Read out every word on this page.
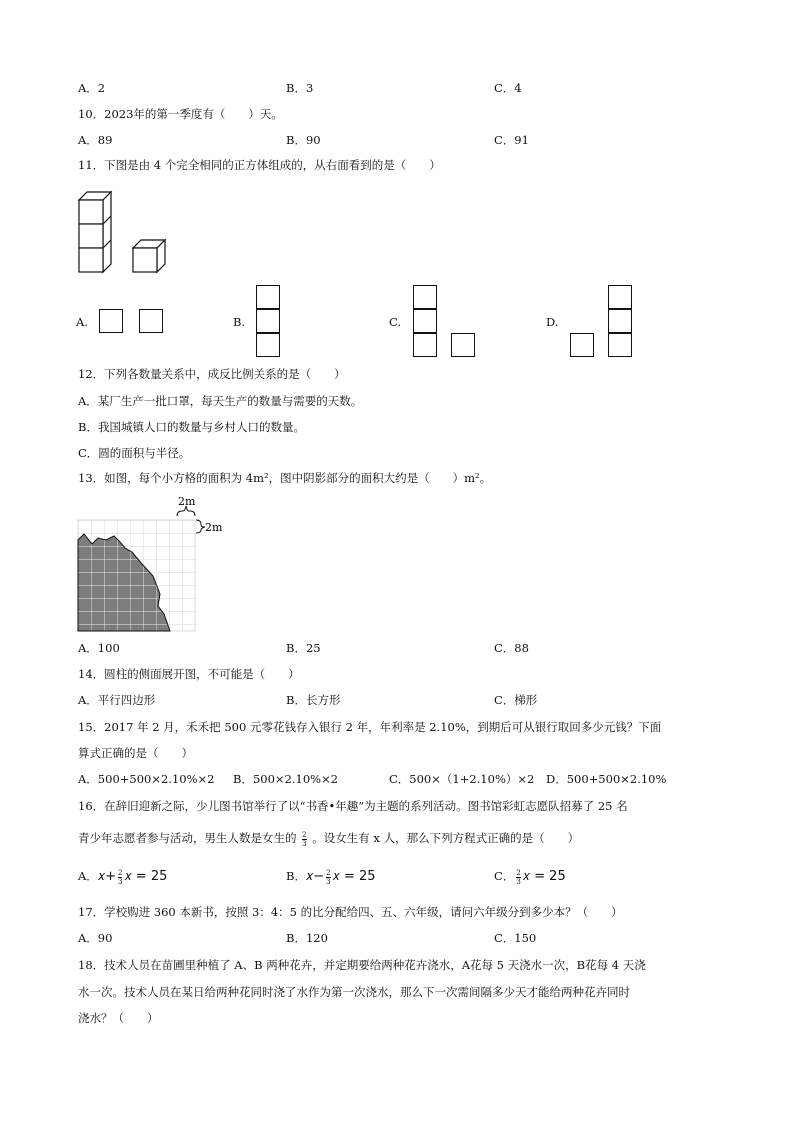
A．2	B．3	C．4
10．2023年的第一季度有（　　）天。
A．89	B．90	C．91
11．下图是由 4 个完全相同的正方体组成的，从右面看到的是（　　）
A.	B.	C.	D.
12．下列各数量关系中，成反比例关系的是（　　）
A．某厂生产一批口罩，每天生产的数量与需要的天数。
B．我国城镇人口的数量与乡村人口的数量。
C．圆的面积与半径。
13．如图，每个小方格的面积为 4m²，图中阴影部分的面积大约是（　　）m²。
2m
2m
A．100	B．25	C．88
14．圆柱的侧面展开图，不可能是（　　）
A．平行四边形	B．长方形	C．梯形
15．2017 年 2 月，禾禾把 500 元零花钱存入银行 2 年，年利率是 2.10%，到期后可从银行取回多少元钱？下面
算式正确的是（　　）
A．500+500×2.10%×2 B．500×2.10%×2	C．500×（1+2.10%）×2 D．500+500×2.10%
16．在辞旧迎新之际，少儿图书馆举行了以“书香•年趣”为主题的系列活动。图书馆彩虹志愿队招募了 25 名
青少年志愿者参与活动，男生人数是女生的 $\frac{2}{3}$ 。设女生有 x 人，那么下列方程式正确的是（　　）
A．𝑥+ $\frac{2}{3}$ 𝑥 = 25	B．𝑥− $\frac{2}{3}$ 𝑥 = 25	C． $\frac{2}{3}$ 𝑥 = 25
17．学校购进 360 本新书，按照 3：4：5 的比分配给四、五、六年级，请问六年级分到多少本？（　　）
A．90	B．120	C．150
18．技术人员在苗圃里种植了 A、B 两种花卉，并定期要给两种花卉浇水，A花每 5 天浇水一次，B花每 4 天浇
水一次。技术人员在某日给两种花同时浇了水作为第一次浇水，那么下一次需间隔多少天才能给两种花卉同时
浇水？（　　）
